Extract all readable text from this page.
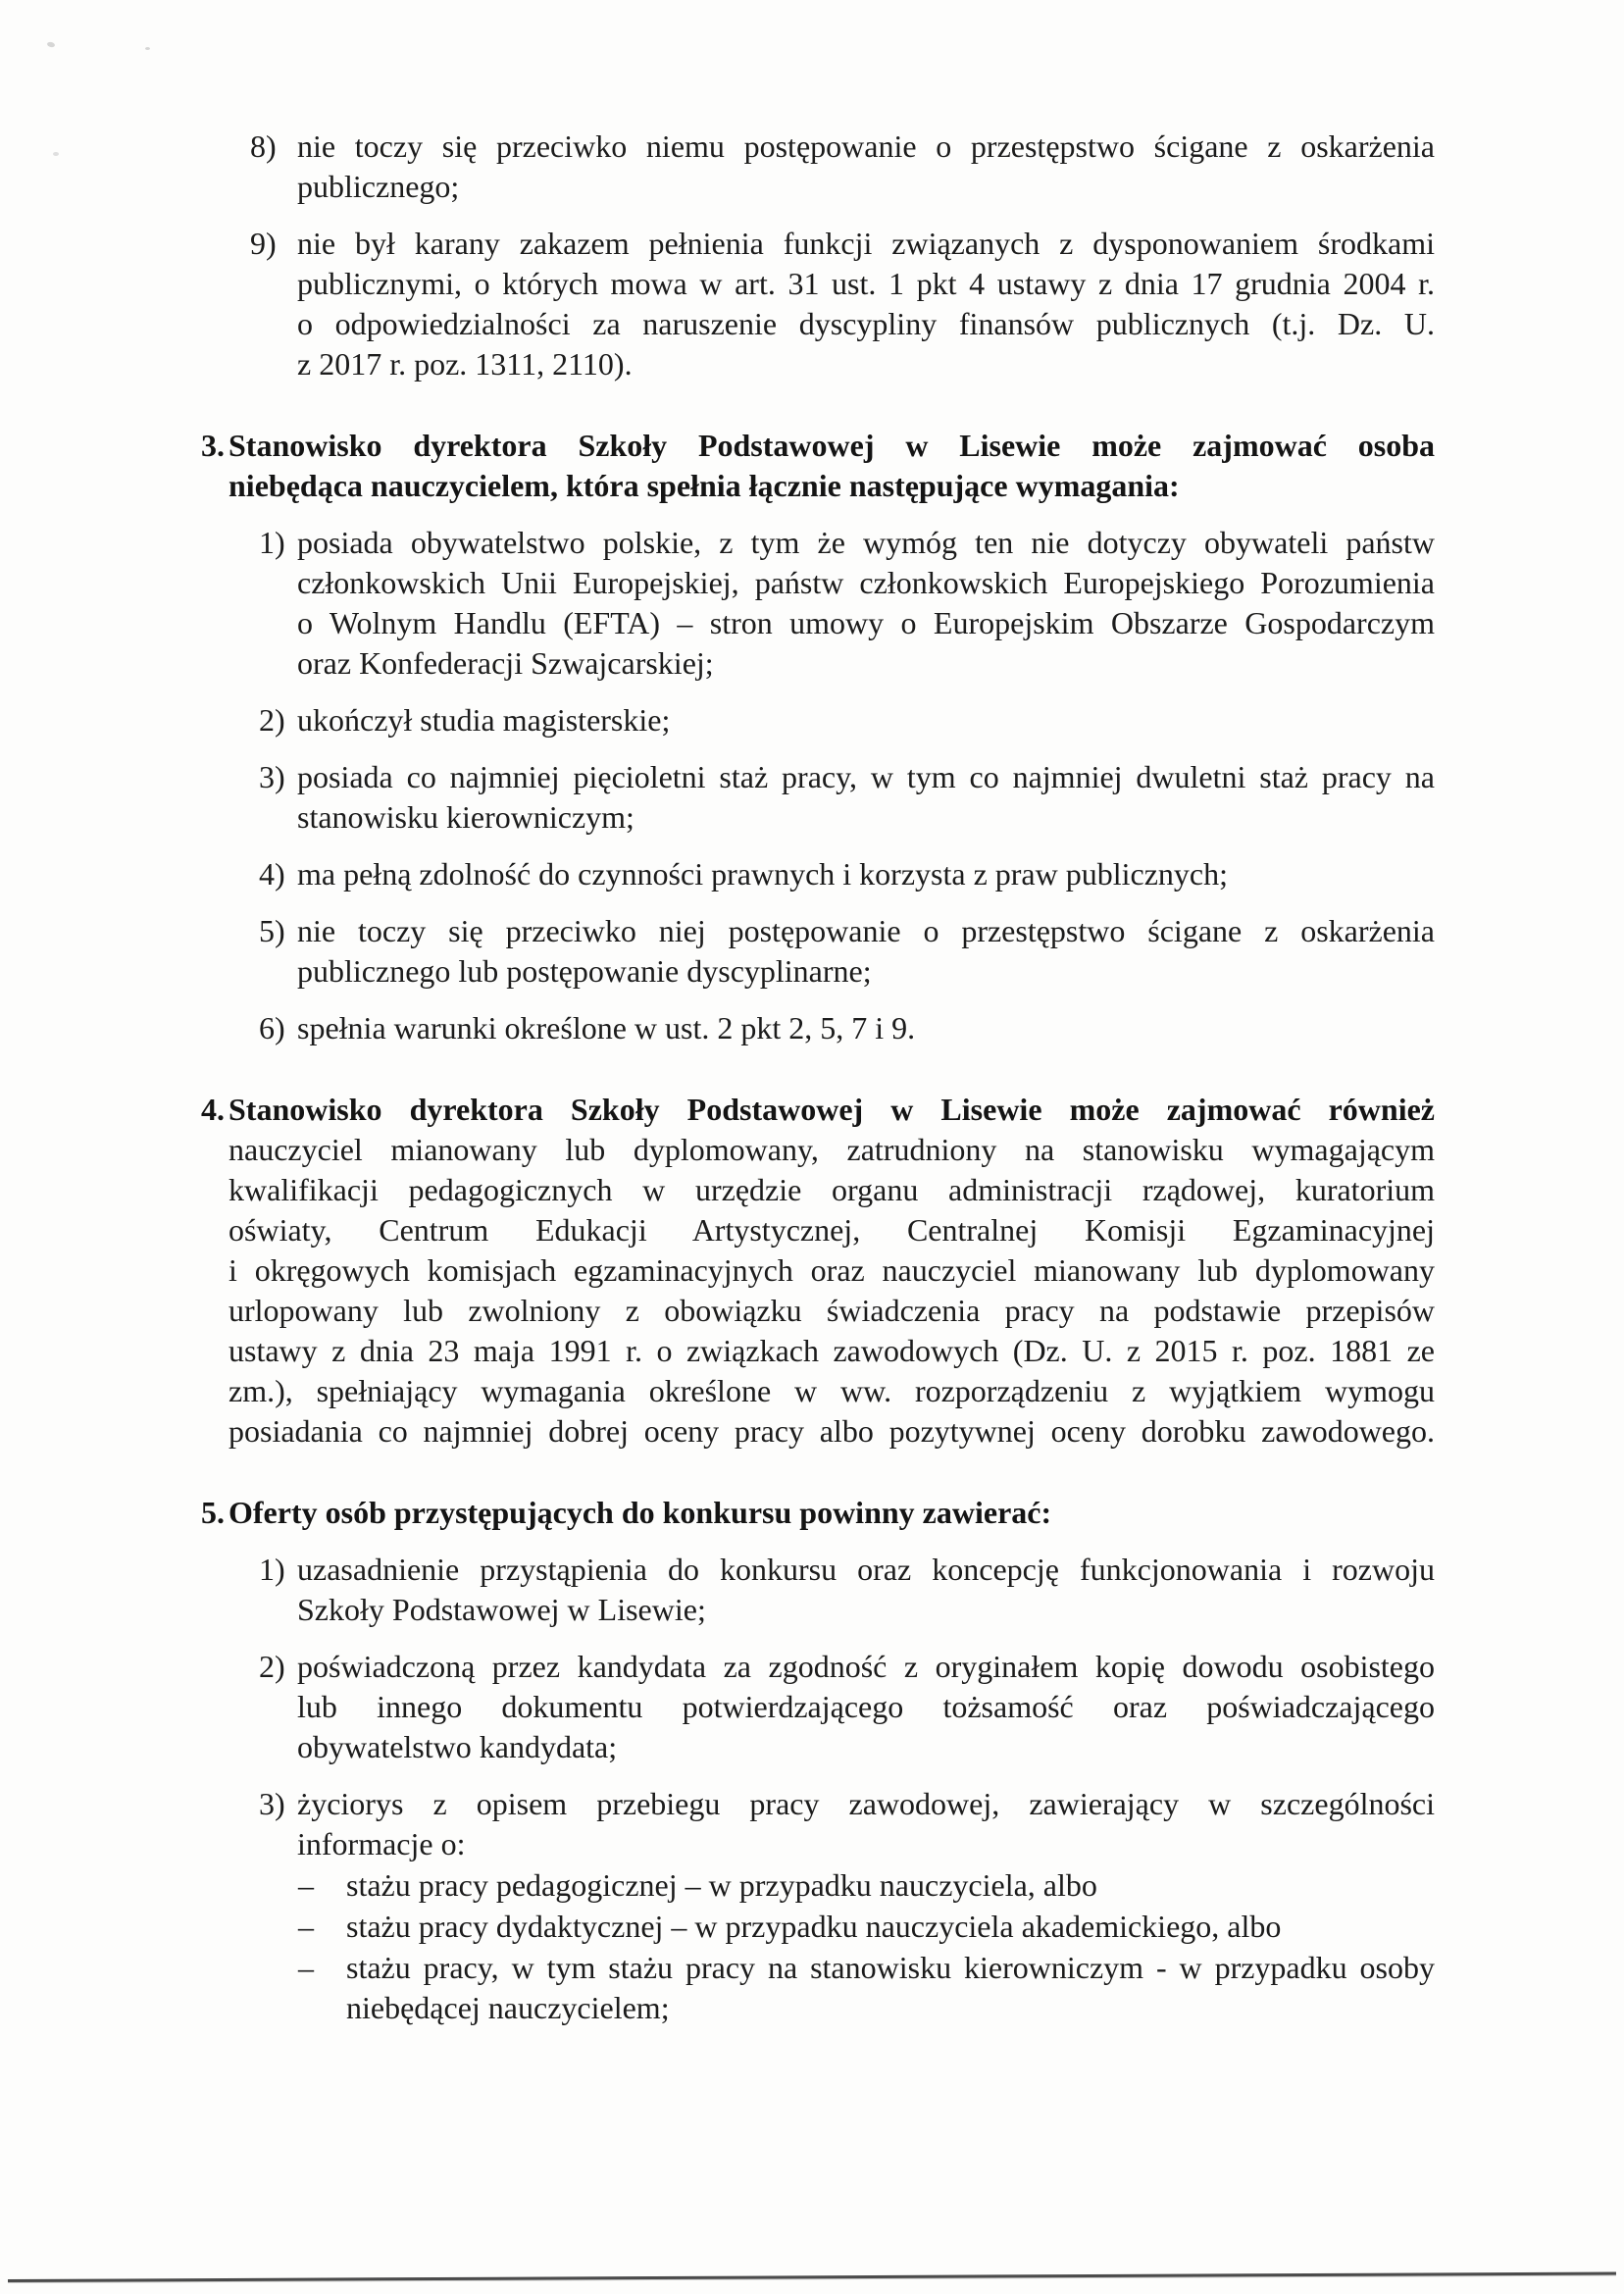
8) nie toczy się przeciwko niemu postępowanie o przestępstwo ścigane z oskarżenia
publicznego;
9) nie był karany zakazem pełnienia funkcji związanych z dysponowaniem środkami
publicznymi, o których mowa w art. 31 ust. 1 pkt 4 ustawy z dnia 17 grudnia 2004 r.
o odpowiedzialności za naruszenie dyscypliny finansów publicznych (t.j. Dz. U.
z 2017 r. poz. 1311, 2110).
3. Stanowisko dyrektora Szkoły Podstawowej w Lisewie może zajmować osoba
niebędąca nauczycielem, która spełnia łącznie następujące wymagania:
1) posiada obywatelstwo polskie, z tym że wymóg ten nie dotyczy obywateli państw
członkowskich Unii Europejskiej, państw członkowskich Europejskiego Porozumienia
o Wolnym Handlu (EFTA) – stron umowy o Europejskim Obszarze Gospodarczym
oraz Konfederacji Szwajcarskiej;
2) ukończył studia magisterskie;
3) posiada co najmniej pięcioletni staż pracy, w tym co najmniej dwuletni staż pracy na
stanowisku kierowniczym;
4) ma pełną zdolność do czynności prawnych i korzysta z praw publicznych;
5) nie toczy się przeciwko niej postępowanie o przestępstwo ścigane z oskarżenia
publicznego lub postępowanie dyscyplinarne;
6) spełnia warunki określone w ust. 2 pkt 2, 5, 7 i 9.
4. Stanowisko dyrektora Szkoły Podstawowej w Lisewie może zajmować również
nauczyciel mianowany lub dyplomowany, zatrudniony na stanowisku wymagającym
kwalifikacji pedagogicznych w urzędzie organu administracji rządowej, kuratorium
oświaty, Centrum Edukacji Artystycznej, Centralnej Komisji Egzaminacyjnej
i okręgowych komisjach egzaminacyjnych oraz nauczyciel mianowany lub dyplomowany
urlopowany lub zwolniony z obowiązku świadczenia pracy na podstawie przepisów
ustawy z dnia 23 maja 1991 r. o związkach zawodowych (Dz. U. z 2015 r. poz. 1881 ze
zm.), spełniający wymagania określone w ww. rozporządzeniu z wyjątkiem wymogu
posiadania co najmniej dobrej oceny pracy albo pozytywnej oceny dorobku zawodowego.
5. Oferty osób przystępujących do konkursu powinny zawierać:
1) uzasadnienie przystąpienia do konkursu oraz koncepcję funkcjonowania i rozwoju
Szkoły Podstawowej w Lisewie;
2) poświadczoną przez kandydata za zgodność z oryginałem kopię dowodu osobistego
lub innego dokumentu potwierdzającego tożsamość oraz poświadczającego
obywatelstwo kandydata;
3) życiorys z opisem przebiegu pracy zawodowej, zawierający w szczególności
informacje o:
–	stażu pracy pedagogicznej – w przypadku nauczyciela, albo
–	stażu pracy dydaktycznej – w przypadku nauczyciela akademickiego, albo
–	stażu pracy, w tym stażu pracy na stanowisku kierowniczym - w przypadku osoby
niebędącej nauczycielem;
